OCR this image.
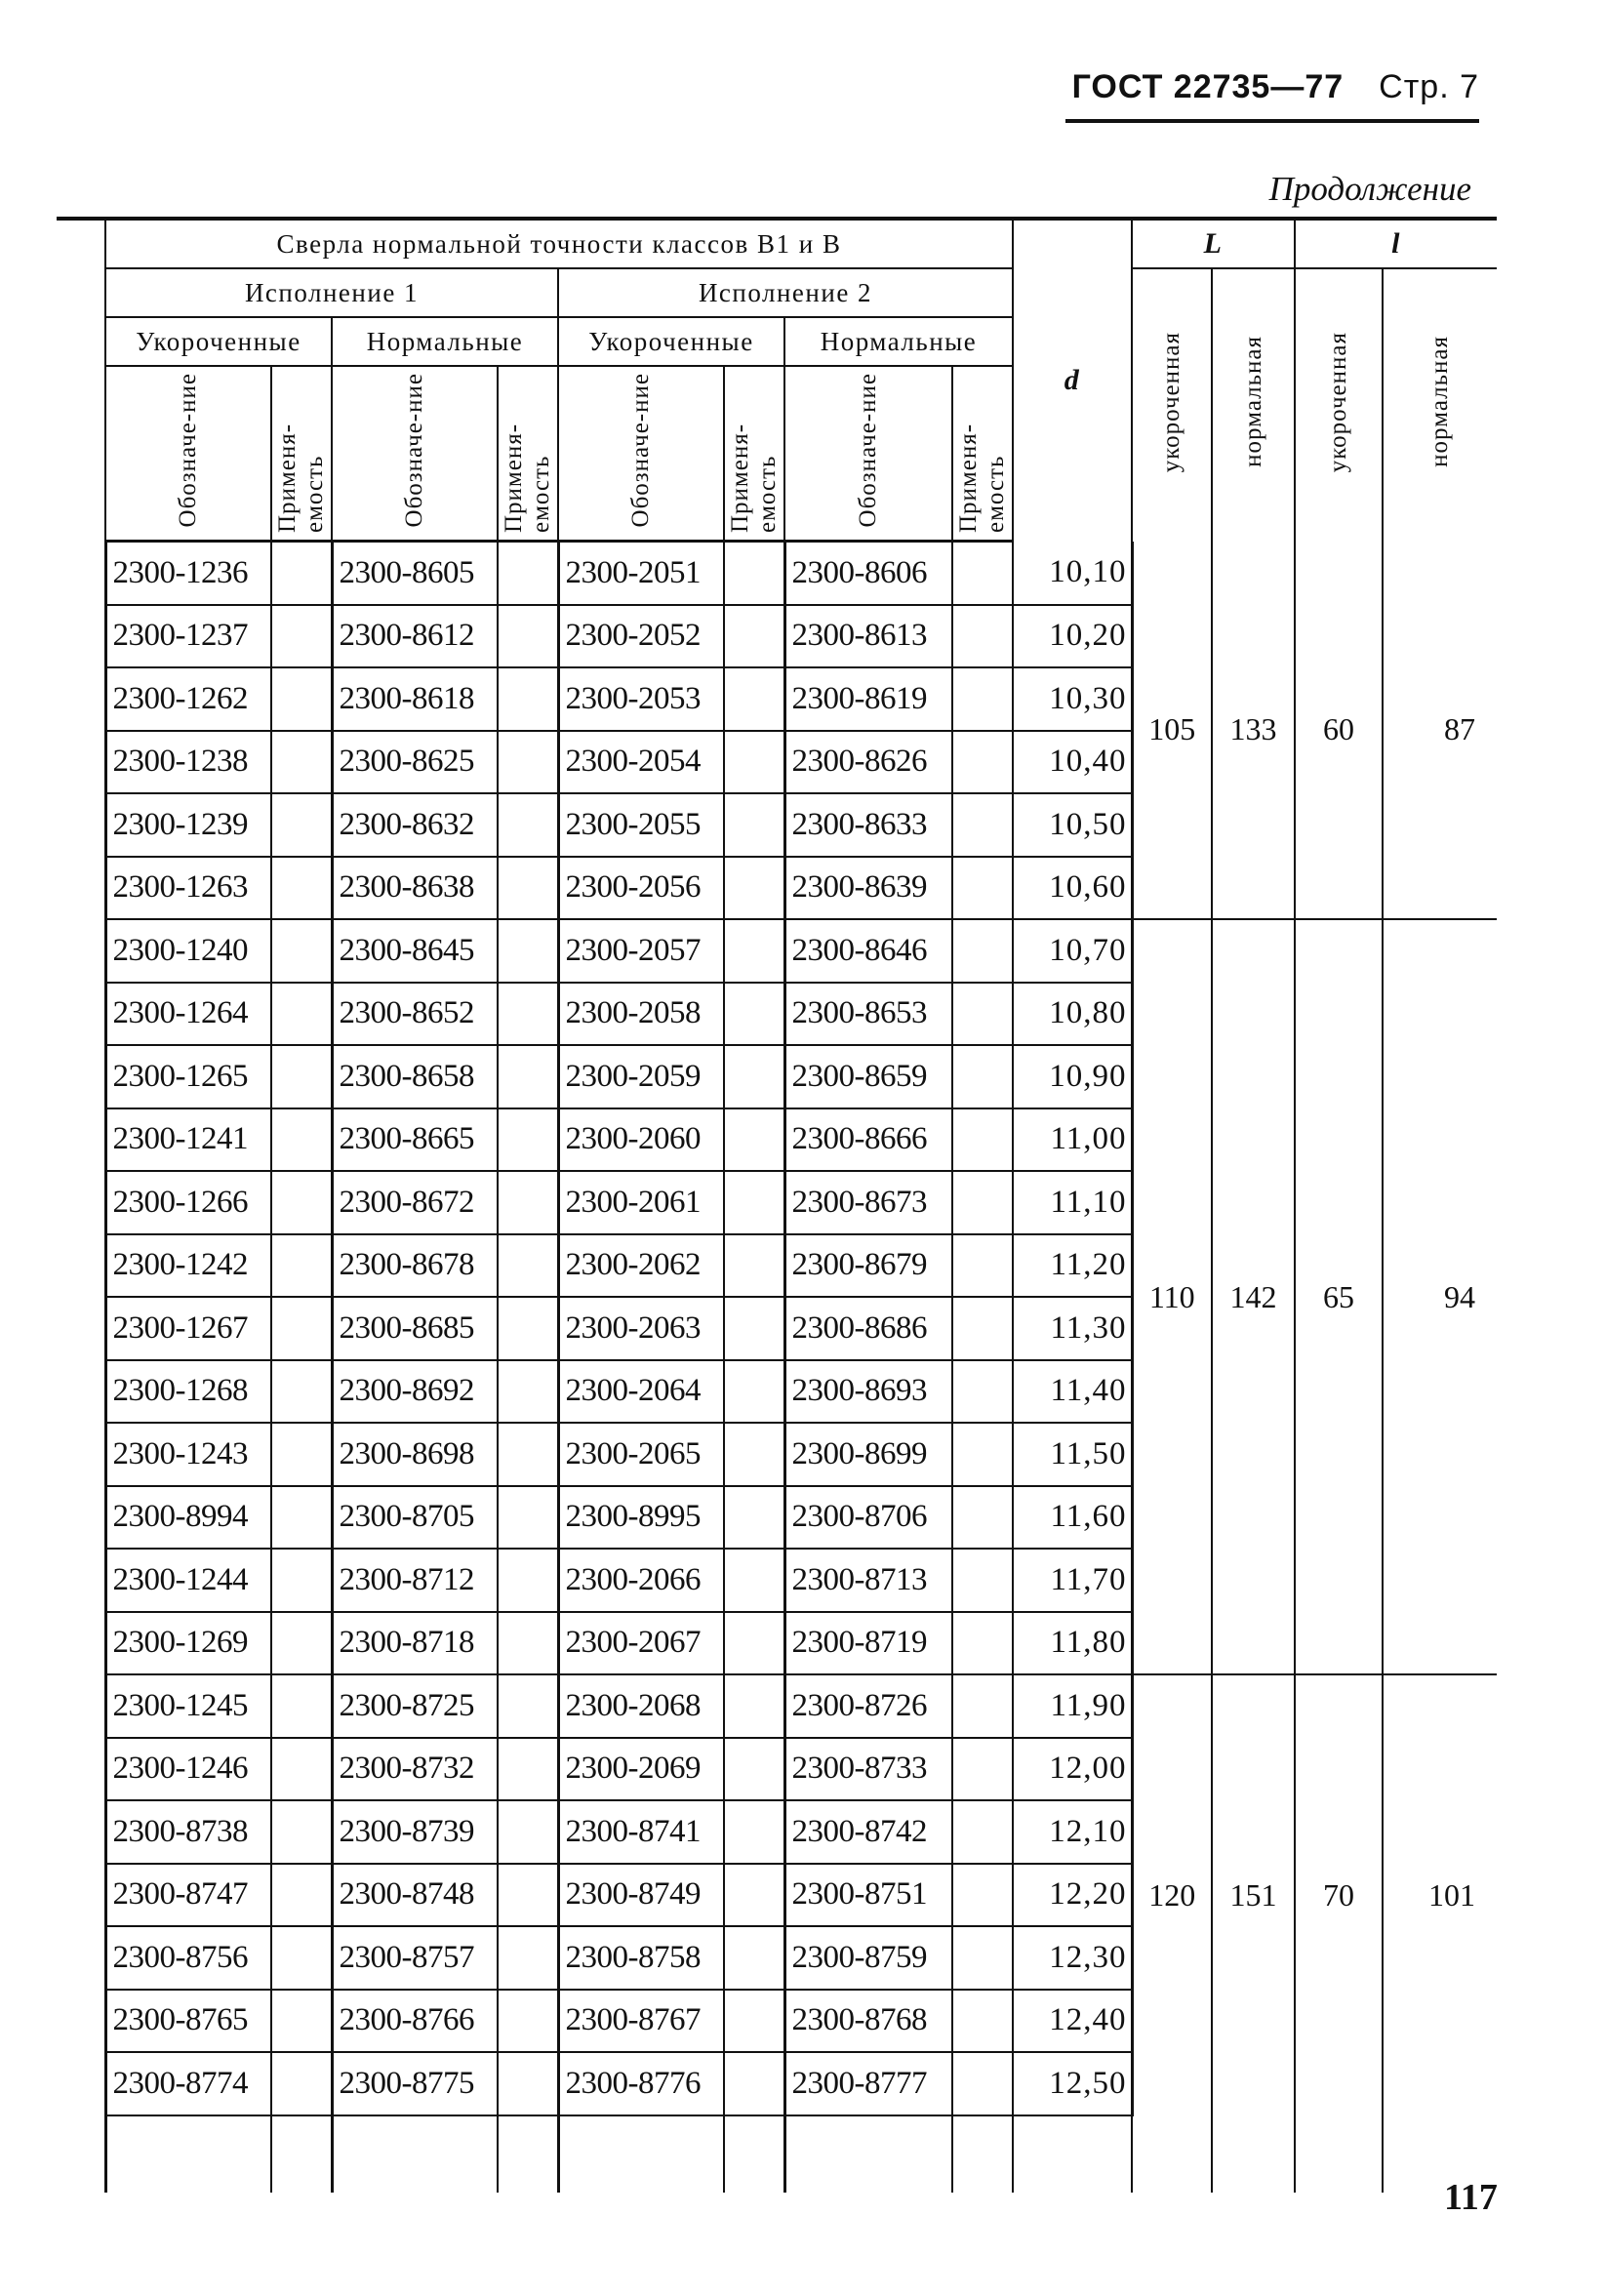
ГОСТ 22735—77 Стр. 7
Продолжение
	Сверла нормальной точности классов В1 и В								d	L		l	
	Исполнение 1				Исполнение 2					укороченная	нормальная	укороченная	нормальная
	Укороченные		Нормальные		Укороченные		Нормальные						
	Обозначе-ние	Применя-емость	Обозначе-ние	Применя-емость	Обозначе-ние	Применя-емость	Обозначе-ние	Применя-емость					
	2300-1236		2300-8605		2300-2051		2300-8606		10,10	105	133	60	87
	2300-1237		2300-8612		2300-2052		2300-8613		10,20				
	2300-1262		2300-8618		2300-2053		2300-8619		10,30				
	2300-1238		2300-8625		2300-2054		2300-8626		10,40				
	2300-1239		2300-8632		2300-2055		2300-8633		10,50				
	2300-1263		2300-8638		2300-2056		2300-8639		10,60				
	2300-1240		2300-8645		2300-2057		2300-8646		10,70	110	142	65	94
	2300-1264		2300-8652		2300-2058		2300-8653		10,80				
	2300-1265		2300-8658		2300-2059		2300-8659		10,90				
	2300-1241		2300-8665		2300-2060		2300-8666		11,00				
	2300-1266		2300-8672		2300-2061		2300-8673		11,10				
	2300-1242		2300-8678		2300-2062		2300-8679		11,20				
	2300-1267		2300-8685		2300-2063		2300-8686		11,30				
	2300-1268		2300-8692		2300-2064		2300-8693		11,40				
	2300-1243		2300-8698		2300-2065		2300-8699		11,50				
	2300-8994		2300-8705		2300-8995		2300-8706		11,60				
	2300-1244		2300-8712		2300-2066		2300-8713		11,70				
	2300-1269		2300-8718		2300-2067		2300-8719		11,80				
	2300-1245		2300-8725		2300-2068		2300-8726		11,90	120	151	70	101
	2300-1246		2300-8732		2300-2069		2300-8733		12,00				
	2300-8738		2300-8739		2300-8741		2300-8742		12,10				
	2300-8747		2300-8748		2300-8749		2300-8751		12,20				
	2300-8756		2300-8757		2300-8758		2300-8759		12,30				
	2300-8765		2300-8766		2300-8767		2300-8768		12,40				
	2300-8774		2300-8775		2300-8776		2300-8777		12,50				

117
